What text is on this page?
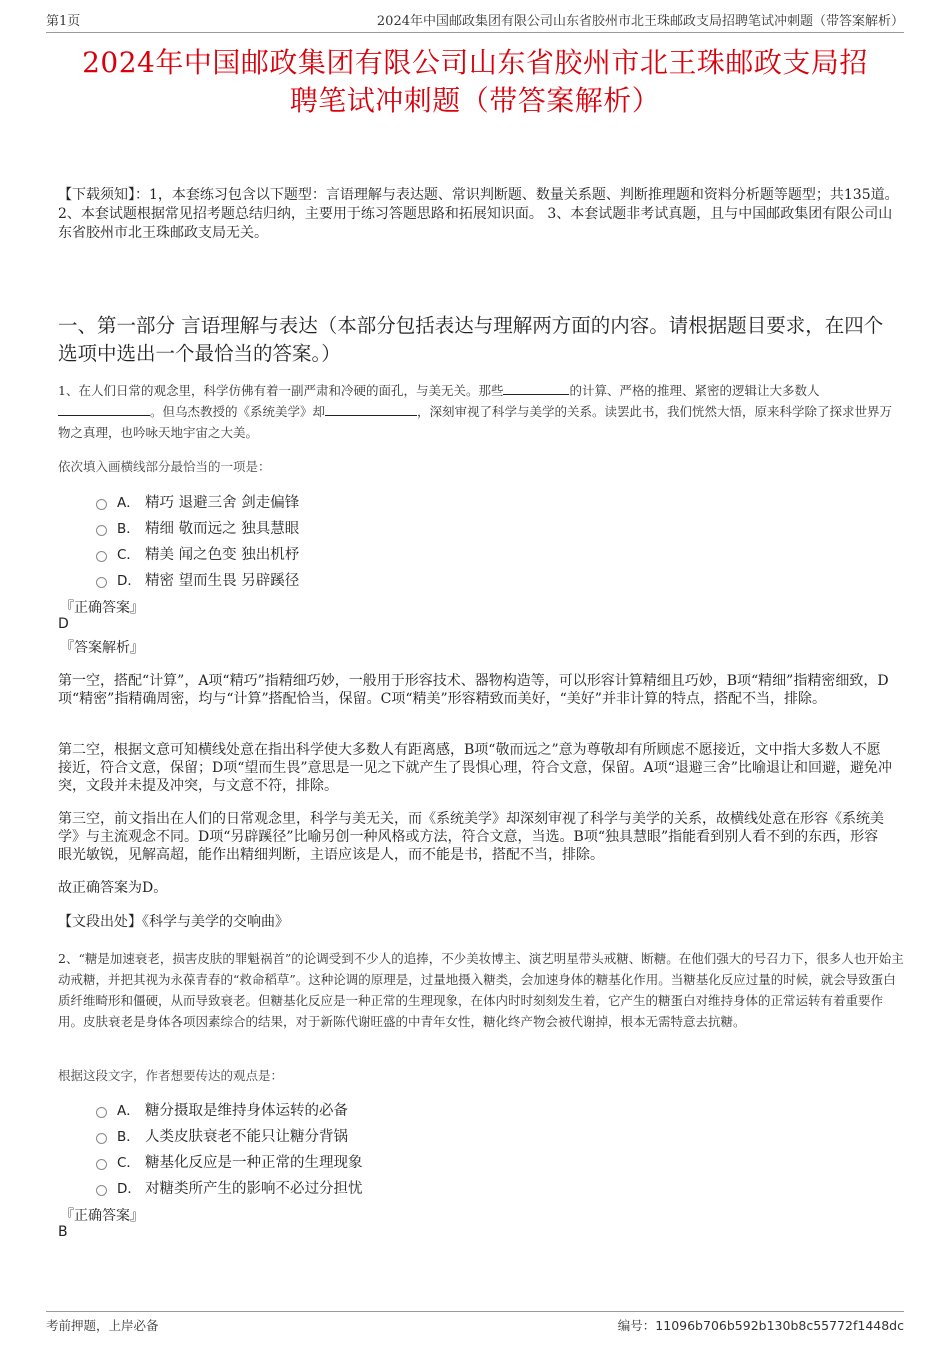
第1页	2024年中国邮政集团有限公司山东省胶州市北王珠邮政支局招聘笔试冲刺题（带答案解析）
2024年中国邮政集团有限公司山东省胶州市北王珠邮政支局招
聘笔试冲刺题（带答案解析）
【下载须知】：1，本套练习包含以下题型：言语理解与表达题、常识判断题、数量关系题、判断推理题和资料分析题等题型；共135道。 2、本套试题根据常见招考题总结归纳，主要用于练习答题思路和拓展知识面。 3、本套试题非考试真题，且与中国邮政集团有限公司山东省胶州市北王珠邮政支局无关。
一、第一部分 言语理解与表达（本部分包括表达与理解两方面的内容。请根据题目要求，在四个选项中选出一个最恰当的答案。）
1、在人们日常的观念里，科学仿佛有着一副严肃和冷硬的面孔，与美无关。那些	的计算、严格的推理、紧密的逻辑让大多数人。但乌杰教授的《系统美学》却	，深刻审视了科学与美学的关系。读罢此书，我们恍然大悟，原来科学除了探求世界万物之真理，也吟咏天地宇宙之大美。
依次填入画横线部分最恰当的一项是：
A． 精巧 退避三舍 剑走偏锋
B． 精细 敬而远之 独具慧眼
C． 精美 闻之色变 独出机杼
D． 精密 望而生畏 另辟蹊径
『正确答案』
D
『答案解析』
第一空，搭配“计算”，A项“精巧”指精细巧妙，一般用于形容技术、器物构造等，可以形容计算精细且巧妙，B项“精细”指精密细致，D项“精密”指精确周密，均与“计算”搭配恰当，保留。C项“精美”形容精致而美好，“美好”并非计算的特点，搭配不当，排除。
第二空，根据文意可知横线处意在指出科学使大多数人有距离感，B项“敬而远之”意为尊敬却有所顾虑不愿接近，文中指大多数人不愿接近，符合文意，保留；D项“望而生畏”意思是一见之下就产生了畏惧心理，符合文意，保留。A项“退避三舍”比喻退让和回避，避免冲突，文段并未提及冲突，与文意不符，排除。
第三空，前文指出在人们的日常观念里，科学与美无关，而《系统美学》却深刻审视了科学与美学的关系，故横线处意在形容《系统美学》与主流观念不同。D项“另辟蹊径”比喻另创一种风格或方法，符合文意，当选。B项“独具慧眼”指能看到别人看不到的东西，形容眼光敏锐，见解高超，能作出精细判断，主语应该是人，而不能是书，搭配不当，排除。
故正确答案为D。
【文段出处】《科学与美学的交响曲》
2、“糖是加速衰老，损害皮肤的罪魁祸首”的论调受到不少人的追捧，不少美妆博主、演艺明星带头戒糖、断糖。在他们强大的号召力下，很多人也开始主动戒糖，并把其视为永葆青春的“救命稻草”。这种论调的原理是，过量地摄入糖类，会加速身体的糖基化作用。当糖基化反应过量的时候，就会导致蛋白质纤维畸形和僵硬，从而导致衰老。但糖基化反应是一种正常的生理现象，在体内时时刻刻发生着，它产生的糖蛋白对维持身体的正常运转有着重要作用。皮肤衰老是身体各项因素综合的结果，对于新陈代谢旺盛的中青年女性，糖化终产物会被代谢掉，根本无需特意去抗糖。
根据这段文字，作者想要传达的观点是：
A． 糖分摄取是维持身体运转的必备
B． 人类皮肤衰老不能只让糖分背锅
C． 糖基化反应是一种正常的生理现象
D． 对糖类所产生的影响不必过分担忧
『正确答案』
B
考前押题，上岸必备	编号：11096b706b592b130b8c55772f1448dc
